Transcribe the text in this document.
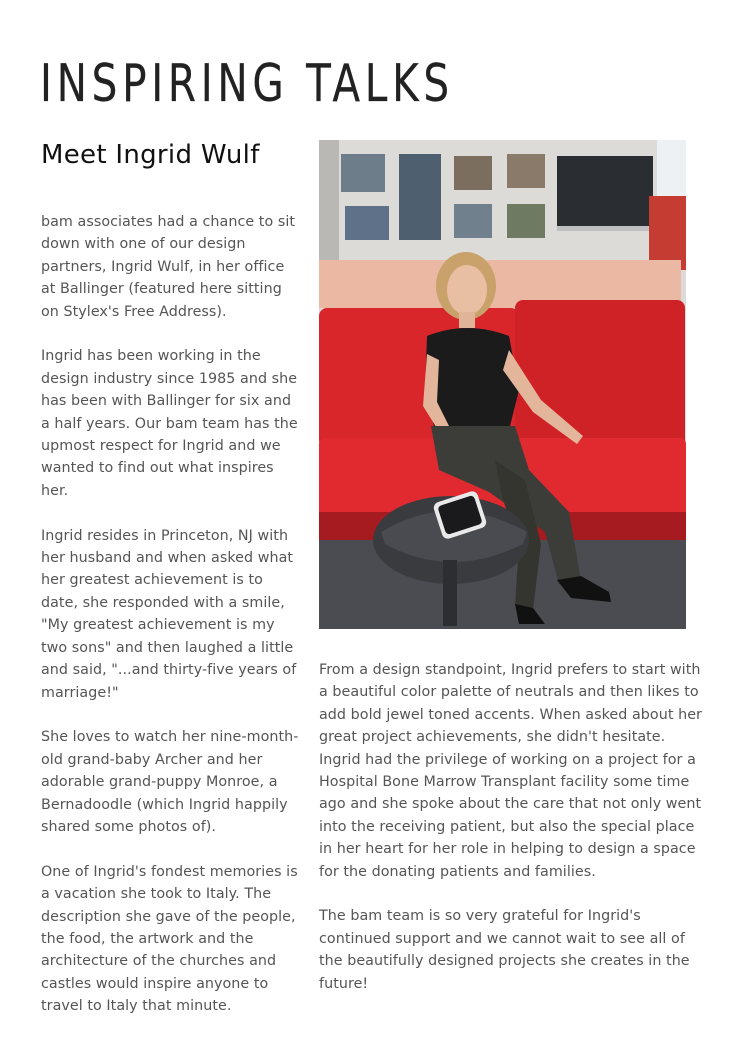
INSPIRING TALKS
Meet Ingrid Wulf

bam associates had a chance to sit down with one of our design partners, Ingrid Wulf, in her office at Ballinger (featured here sitting on Stylex's Free Address).

Ingrid has been working in the design industry since 1985 and she has been with Ballinger for six and a half years. Our bam team has the upmost respect for Ingrid and we wanted to find out what inspires her.

Ingrid resides in Princeton, NJ with her husband and when asked what her greatest achievement is to date, she responded with a smile, "My greatest achievement is my two sons" and then laughed a little and said, "...and thirty-five years of marriage!"

She loves to watch her nine-month-old grand-baby Archer and her adorable grand-puppy Monroe, a Bernadoodle (which Ingrid happily shared some photos of).

One of Ingrid's fondest memories is a vacation she took to Italy. The description she gave of the people, the food, the artwork and the architecture of the churches and castles would inspire anyone to travel to Italy that minute.

From a design standpoint, Ingrid prefers to start with a beautiful color palette of neutrals and then likes to add bold jewel toned accents. When asked about her great project achievements, she didn't hesitate. Ingrid had the privilege of working on a project for a Hospital Bone Marrow Transplant facility some time ago and she spoke about the care that not only went into the receiving patient, but also the special place in her heart for her role in helping to design a space for the donating patients and families.

The bam team is so very grateful for Ingrid's continued support and we cannot wait to see all of the beautifully designed projects she creates in the future!
